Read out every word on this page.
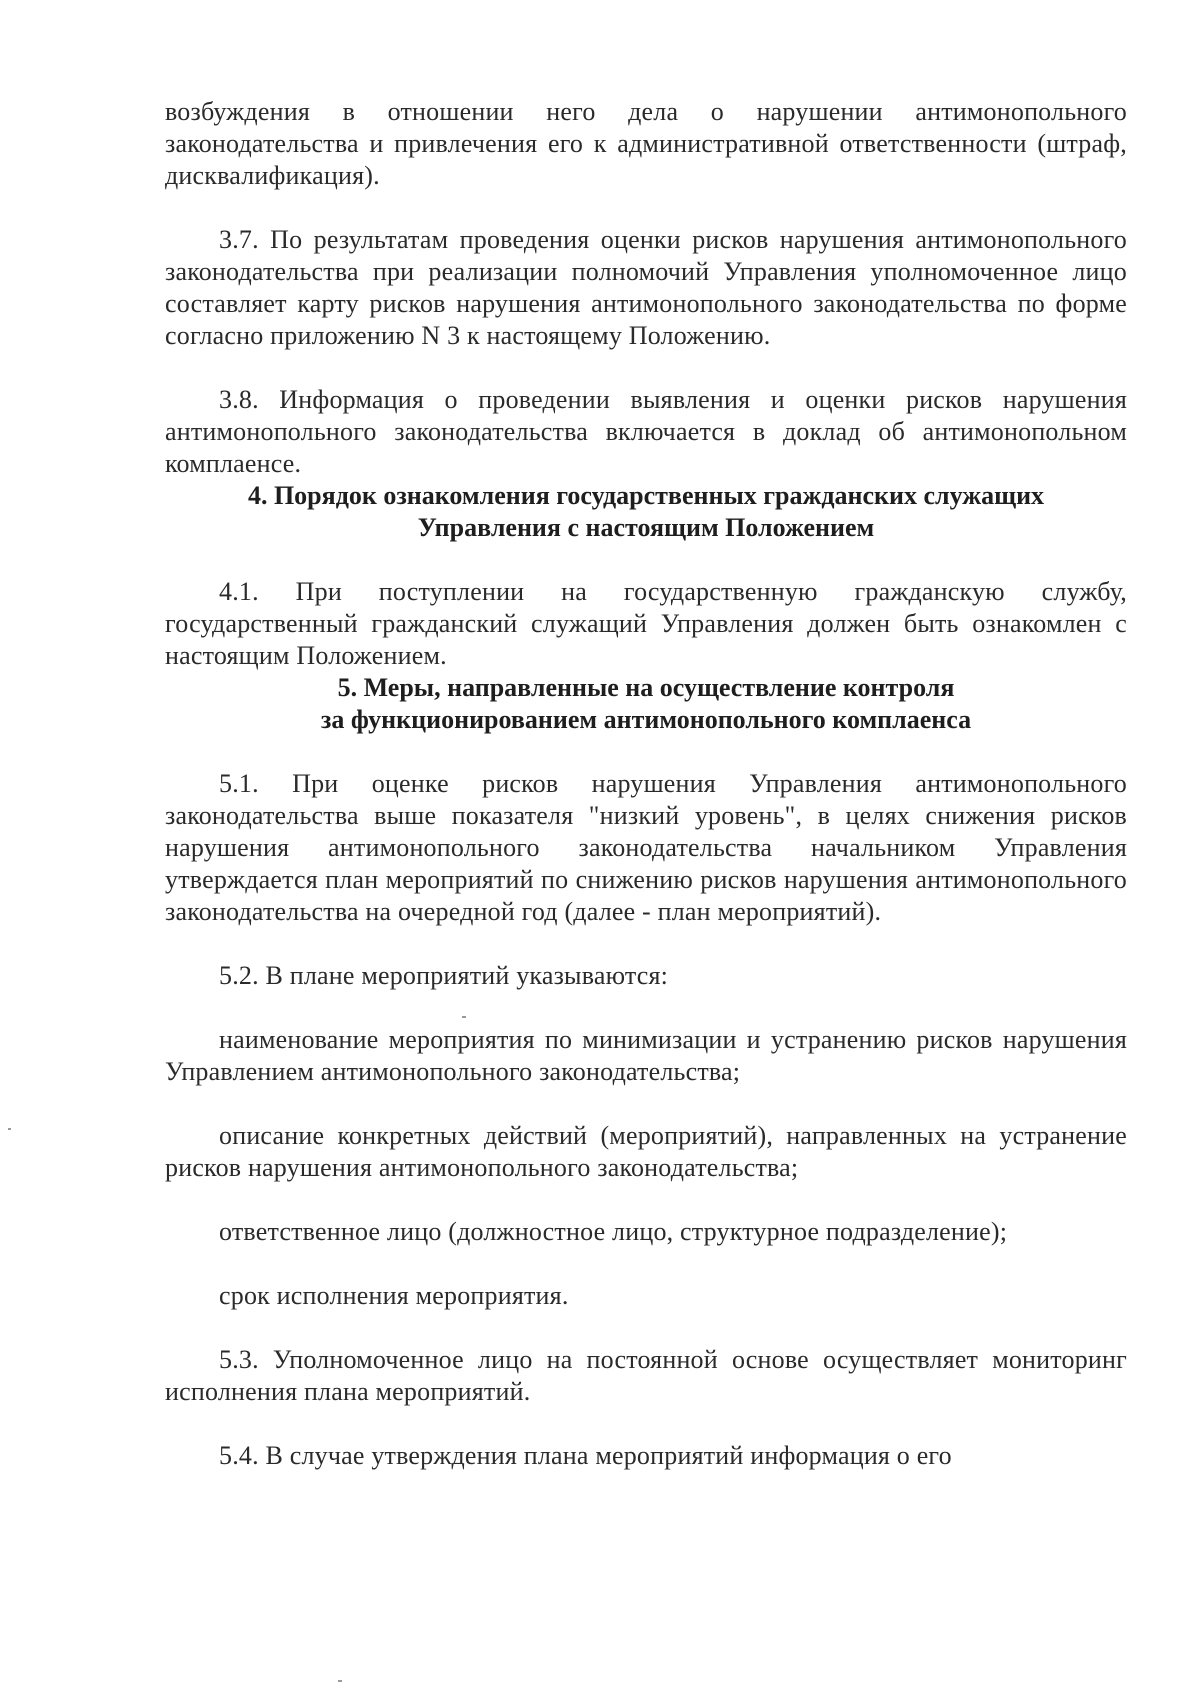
возбуждения в отношении него дела о нарушении антимонопольного законодательства и привлечения его к административной ответственности (штраф, дисквалификация).

3.7. По результатам проведения оценки рисков нарушения антимонопольного законодательства при реализации полномочий Управления уполномоченное лицо составляет карту рисков нарушения антимонопольного законодательства по форме согласно приложению N 3 к настоящему Положению.

3.8. Информация о проведении выявления и оценки рисков нарушения антимонопольного законодательства включается в доклад об антимонопольном комплаенсе.

4. Порядок ознакомления государственных гражданских служащих
Управления с настоящим Положением

4.1. При поступлении на государственную гражданскую службу, государственный гражданский служащий Управления должен быть ознакомлен с настоящим Положением.

5. Меры, направленные на осуществление контроля
за функционированием антимонопольного комплаенса

5.1. При оценке рисков нарушения Управления антимонопольного законодательства выше показателя "низкий уровень", в целях снижения рисков нарушения антимонопольного законодательства начальником Управления утверждается план мероприятий по снижению рисков нарушения антимонопольного законодательства на очередной год (далее - план мероприятий).

5.2. В плане мероприятий указываются:

наименование мероприятия по минимизации и устранению рисков нарушения Управлением антимонопольного законодательства;

описание конкретных действий (мероприятий), направленных на устранение рисков нарушения антимонопольного законодательства;

ответственное лицо (должностное лицо, структурное подразделение);

срок исполнения мероприятия.

5.3. Уполномоченное лицо на постоянной основе осуществляет мониторинг исполнения плана мероприятий.

5.4. В случае утверждения плана мероприятий информация о его
